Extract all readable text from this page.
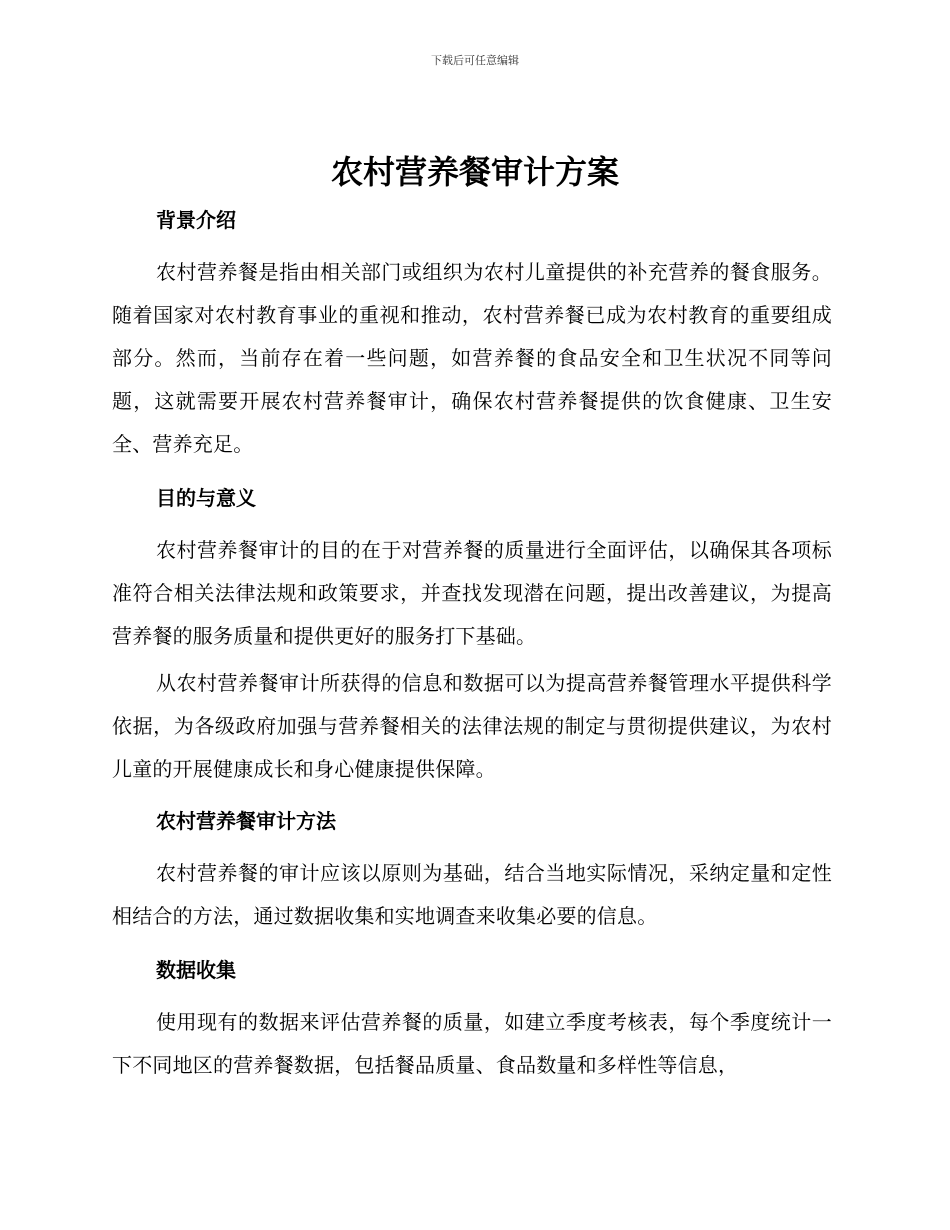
下载后可任意编辑
农村营养餐审计方案
背景介绍

农村营养餐是指由相关部门或组织为农村儿童提供的补充营养的餐食服务。随着国家对农村教育事业的重视和推动，农村营养餐已成为农村教育的重要组成部分。然而，当前存在着一些问题，如营养餐的食品安全和卫生状况不同等问题，这就需要开展农村营养餐审计，确保农村营养餐提供的饮食健康、卫生安全、营养充足。

目的与意义

农村营养餐审计的目的在于对营养餐的质量进行全面评估，以确保其各项标准符合相关法律法规和政策要求，并查找发现潜在问题，提出改善建议，为提高营养餐的服务质量和提供更好的服务打下基础。

从农村营养餐审计所获得的信息和数据可以为提高营养餐管理水平提供科学依据，为各级政府加强与营养餐相关的法律法规的制定与贯彻提供建议，为农村儿童的开展健康成长和身心健康提供保障。

农村营养餐审计方法

农村营养餐的审计应该以原则为基础，结合当地实际情况，采纳定量和定性相结合的方法，通过数据收集和实地调查来收集必要的信息。

数据收集

使用现有的数据来评估营养餐的质量，如建立季度考核表，每个季度统计一下不同地区的营养餐数据，包括餐品质量、食品数量和多样性等信息，
